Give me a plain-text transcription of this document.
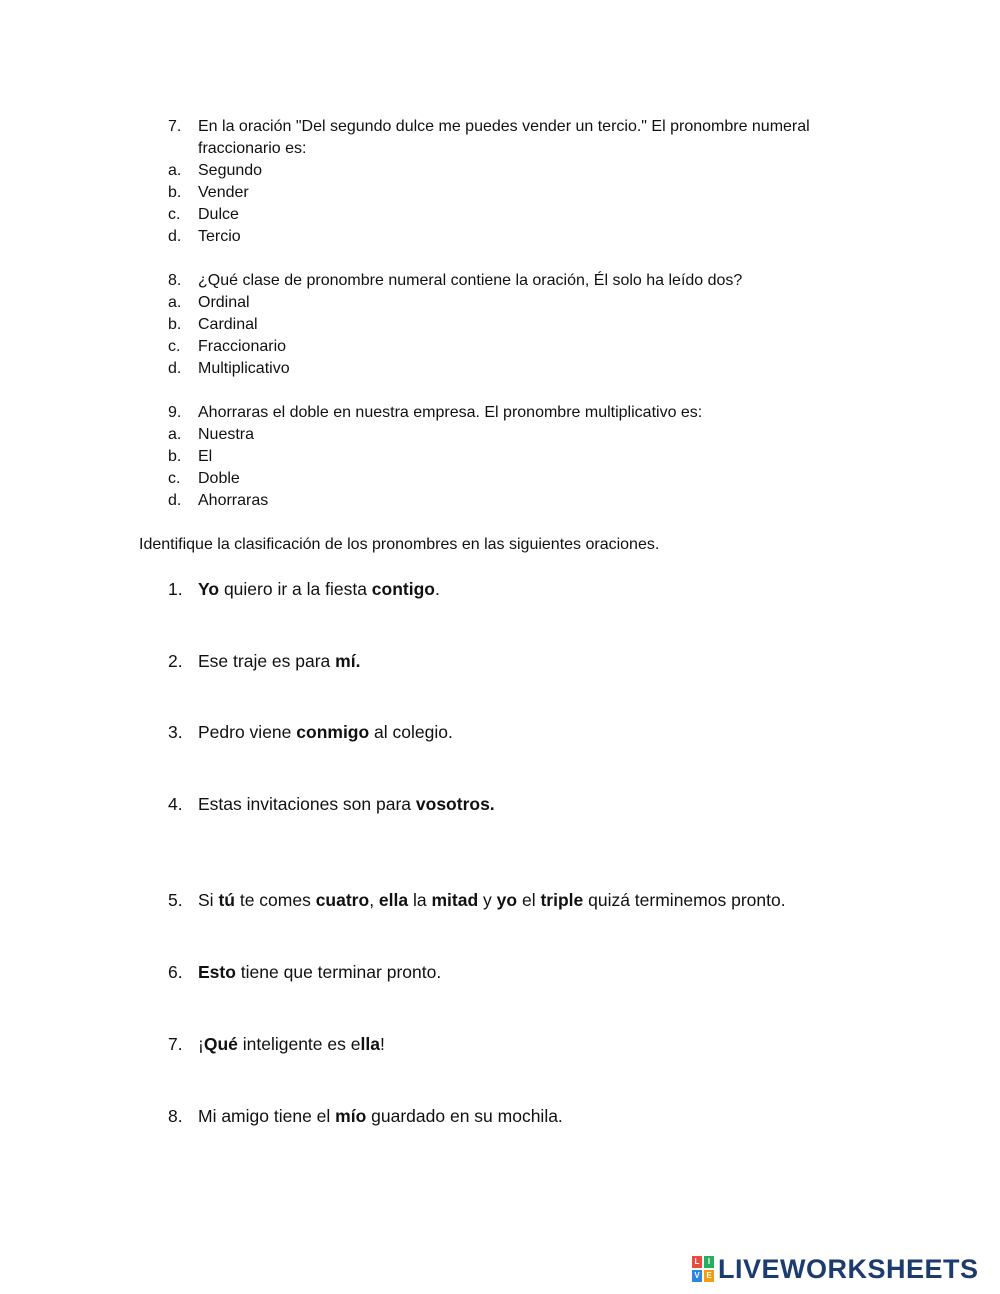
7. En la oración "Del segundo dulce me puedes vender un tercio." El pronombre numeral
fraccionario es:
a. Segundo
b. Vender
c. Dulce
d. Tercio
8. ¿Qué clase de pronombre numeral contiene la oración, Él solo ha leído dos?
a. Ordinal
b. Cardinal
c. Fraccionario
d. Multiplicativo
9. Ahorraras el doble en nuestra empresa. El pronombre multiplicativo es:
a. Nuestra
b. El
c. Doble
d. Ahorraras
Identifique la clasificación de los pronombres en las siguientes oraciones.
1. Yo quiero ir a la fiesta contigo.
2. Ese traje es para mí.
3. Pedro viene conmigo al colegio.
4. Estas invitaciones son para vosotros.
5. Si tú te comes cuatro, ella la mitad y yo el triple quizá terminemos pronto.
6. Esto tiene que terminar pronto.
7. ¡Qué inteligente es ella!
8. Mi amigo tiene el mío guardado en su mochila.
L	I
V E LIVEWORKSHEETS
